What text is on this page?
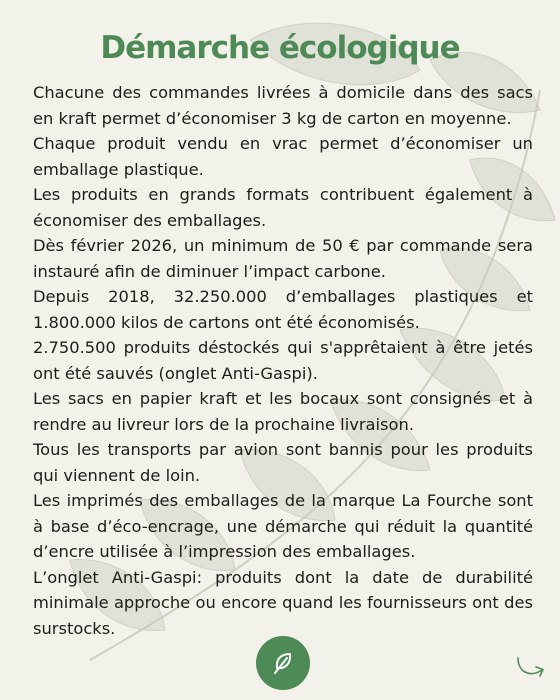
Démarche écologique

Chacune des commandes livrées à domicile dans des sacs en kraft permet d’économiser 3 kg de carton en moyenne.

Chaque produit vendu en vrac permet d’économiser un emballage plastique.

Les produits en grands formats contribuent également à économiser des emballages.

Dès février 2026, un minimum de 50 € par commande sera instauré afin de diminuer l’impact carbone.

Depuis 2018, 32.250.000 d’emballages plastiques et 1.800.000 kilos de cartons ont été économisés.

2.750.500 produits déstockés qui s'apprêtaient à être jetés ont été sauvés (onglet Anti-Gaspi).

Les sacs en papier kraft et les bocaux sont consignés et à rendre au livreur lors de la prochaine livraison.

Tous les transports par avion sont bannis pour les produits qui viennent de loin.

Les imprimés des emballages de la marque La Fourche sont à base d’éco-encrage, une démarche qui réduit la quantité d’encre utilisée à l’impression des emballages.

L’onglet Anti-Gaspi: produits dont la date de durabilité minimale approche ou encore quand les fournisseurs ont des surstocks.
